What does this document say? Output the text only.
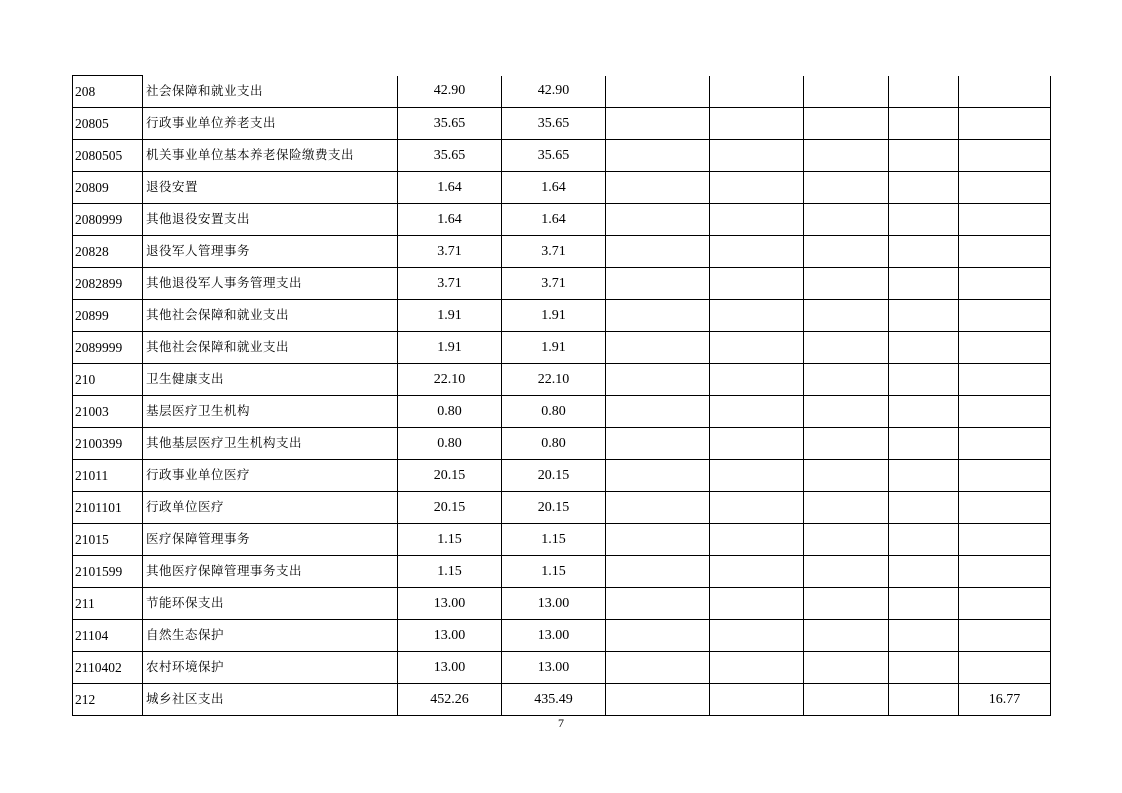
208	社会保障和就业支出	42.90	42.90					
20805	行政事业单位养老支出	35.65	35.65					
2080505	机关事业单位基本养老保险缴费支出	35.65	35.65					
20809	退役安置	1.64	1.64					
2080999	其他退役安置支出	1.64	1.64					
20828	退役军人管理事务	3.71	3.71					
2082899	其他退役军人事务管理支出	3.71	3.71					
20899	其他社会保障和就业支出	1.91	1.91					
2089999	其他社会保障和就业支出	1.91	1.91					
210	卫生健康支出	22.10	22.10					
21003	基层医疗卫生机构	0.80	0.80					
2100399	其他基层医疗卫生机构支出	0.80	0.80					
21011	行政事业单位医疗	20.15	20.15					
2101101	行政单位医疗	20.15	20.15					
21015	医疗保障管理事务	1.15	1.15					
2101599	其他医疗保障管理事务支出	1.15	1.15					
211	节能环保支出	13.00	13.00					
21104	自然生态保护	13.00	13.00					
2110402	农村环境保护	13.00	13.00					
212	城乡社区支出	452.26	435.49					16.77
7
